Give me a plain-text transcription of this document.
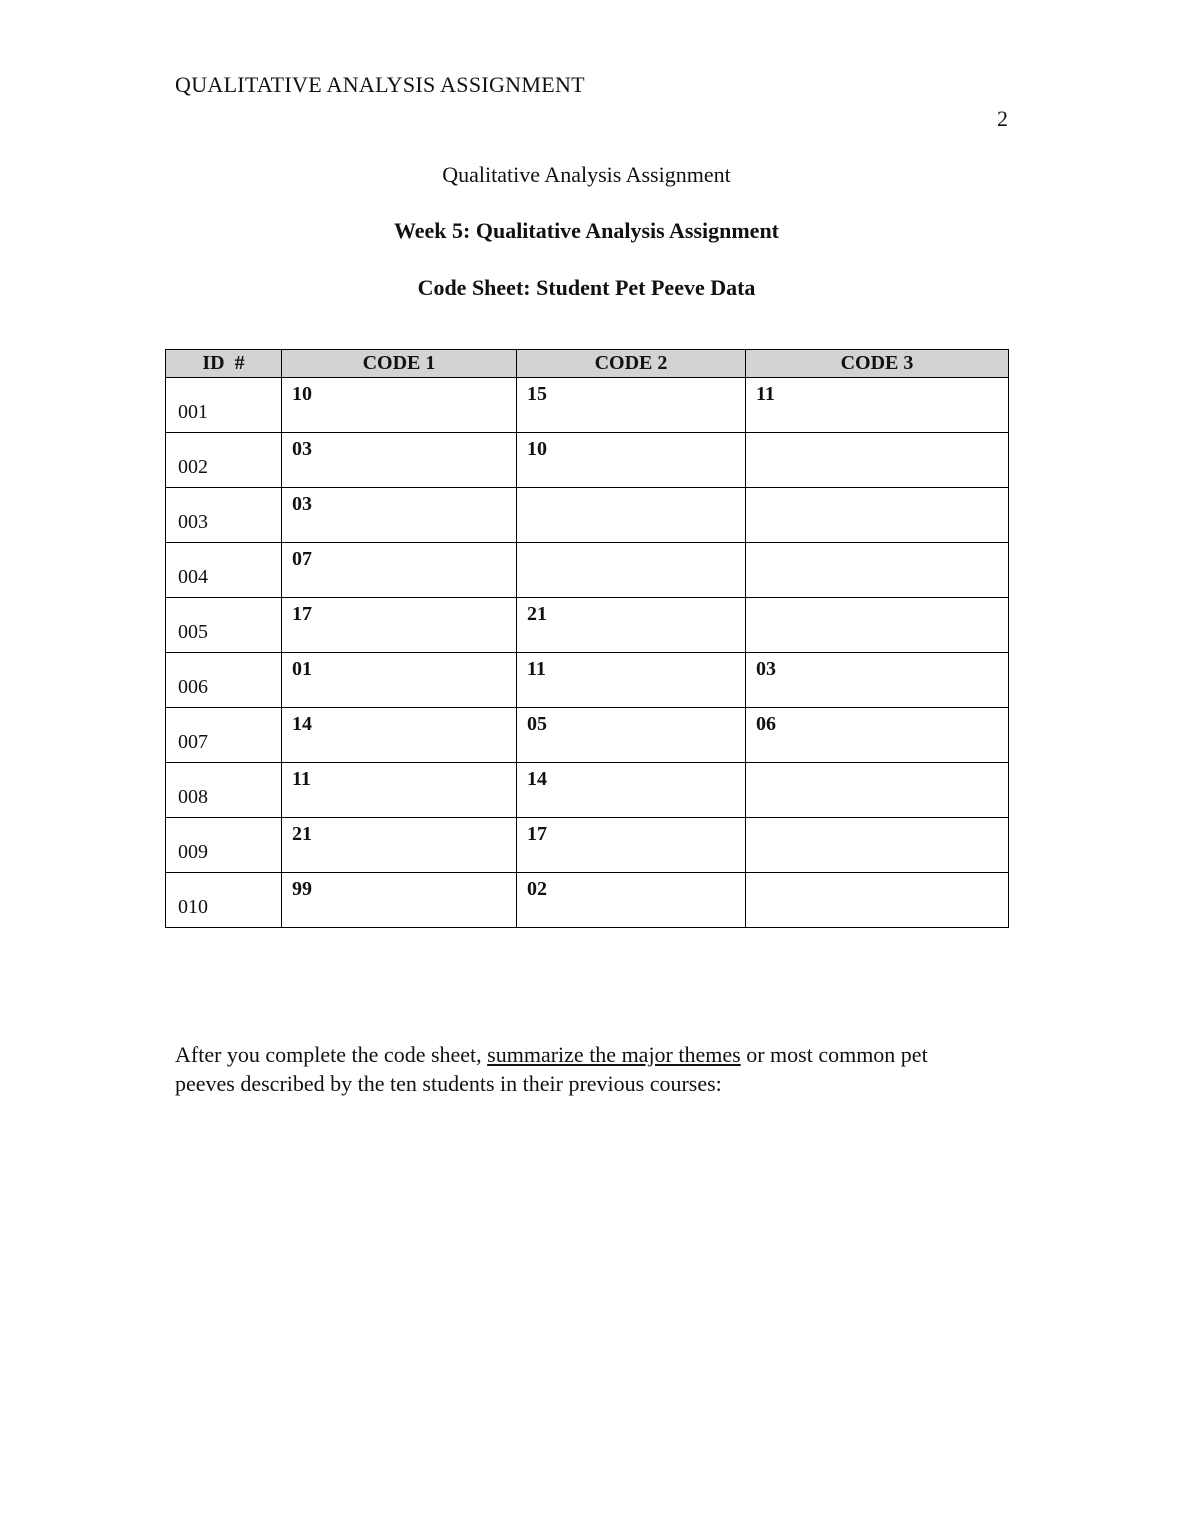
QUALITATIVE ANALYSIS ASSIGNMENT
2
Qualitative Analysis Assignment
Week 5: Qualitative Analysis Assignment
Code Sheet: Student Pet Peeve Data
ID  #	CODE 1	CODE 2	CODE 3
001	10	15	11
002	03	10	
003	03		
004	07		
005	17	21	
006	01	11	03
007	14	05	06
008	11	14	
009	21	17	
010	99	02	

After you complete the code sheet, summarize the major themes or most common pet peeves described by the ten students in their previous courses:
